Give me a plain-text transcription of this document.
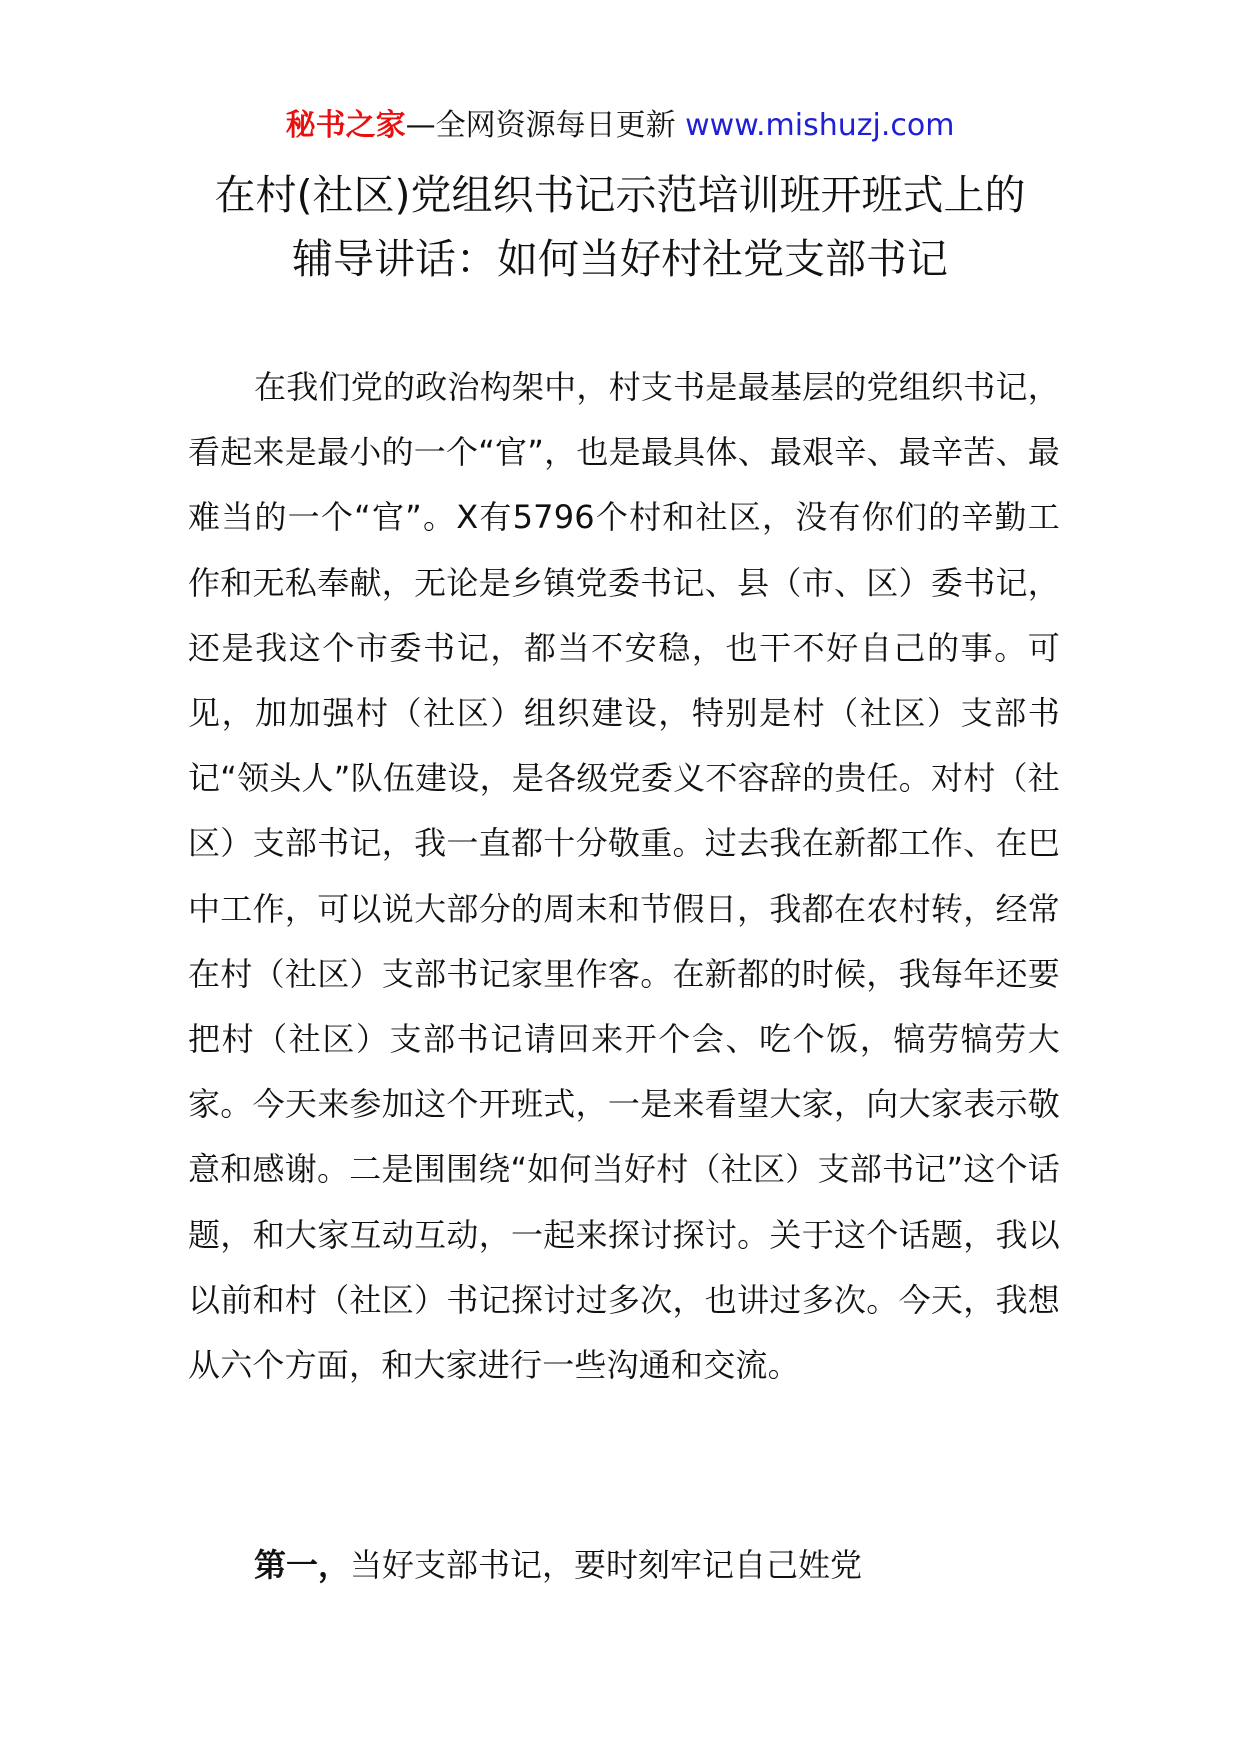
秘书之家—全网资源每日更新 www.mishuzj.com
在村(社区)党组织书记示范培训班开班式上的
辅导讲话：如何当好村社党支部书记

在我们党的政治构架中，村支书是最基层的党组织书记，看起来是最小的一个“官”，也是最具体、最艰辛、最辛苦、最难当的一个“官”。X有5796个村和社区，没有你们的辛勤工作和无私奉献，无论是乡镇党委书记、县（市、区）委书记，还是我这个市委书记，都当不安稳，也干不好自己的事。可见，加加强村（社区）组织建设，特别是村（社区）支部书记“领头人”队伍建设，是各级党委义不容辞的贵任。对村（社区）支部书记，我一直都十分敬重。过去我在新都工作、在巴中工作，可以说大部分的周末和节假日，我都在农村转，经常在村（社区）支部书记家里作客。在新都的时候，我每年还要把村（社区）支部书记请回来开个会、吃个饭，犒劳犒劳大家。今天来参加这个开班式，一是来看望大家，向大家表示敬意和感谢。二是围围绕“如何当好村（社区）支部书记”这个话题，和大家互动互动，一起来探讨探讨。关于这个话题，我以以前和村（社区）书记探讨过多次，也讲过多次。今天，我想从六个方面，和大家进行一些沟通和交流。

第一，当好支部书记，要时刻牢记自己姓党
